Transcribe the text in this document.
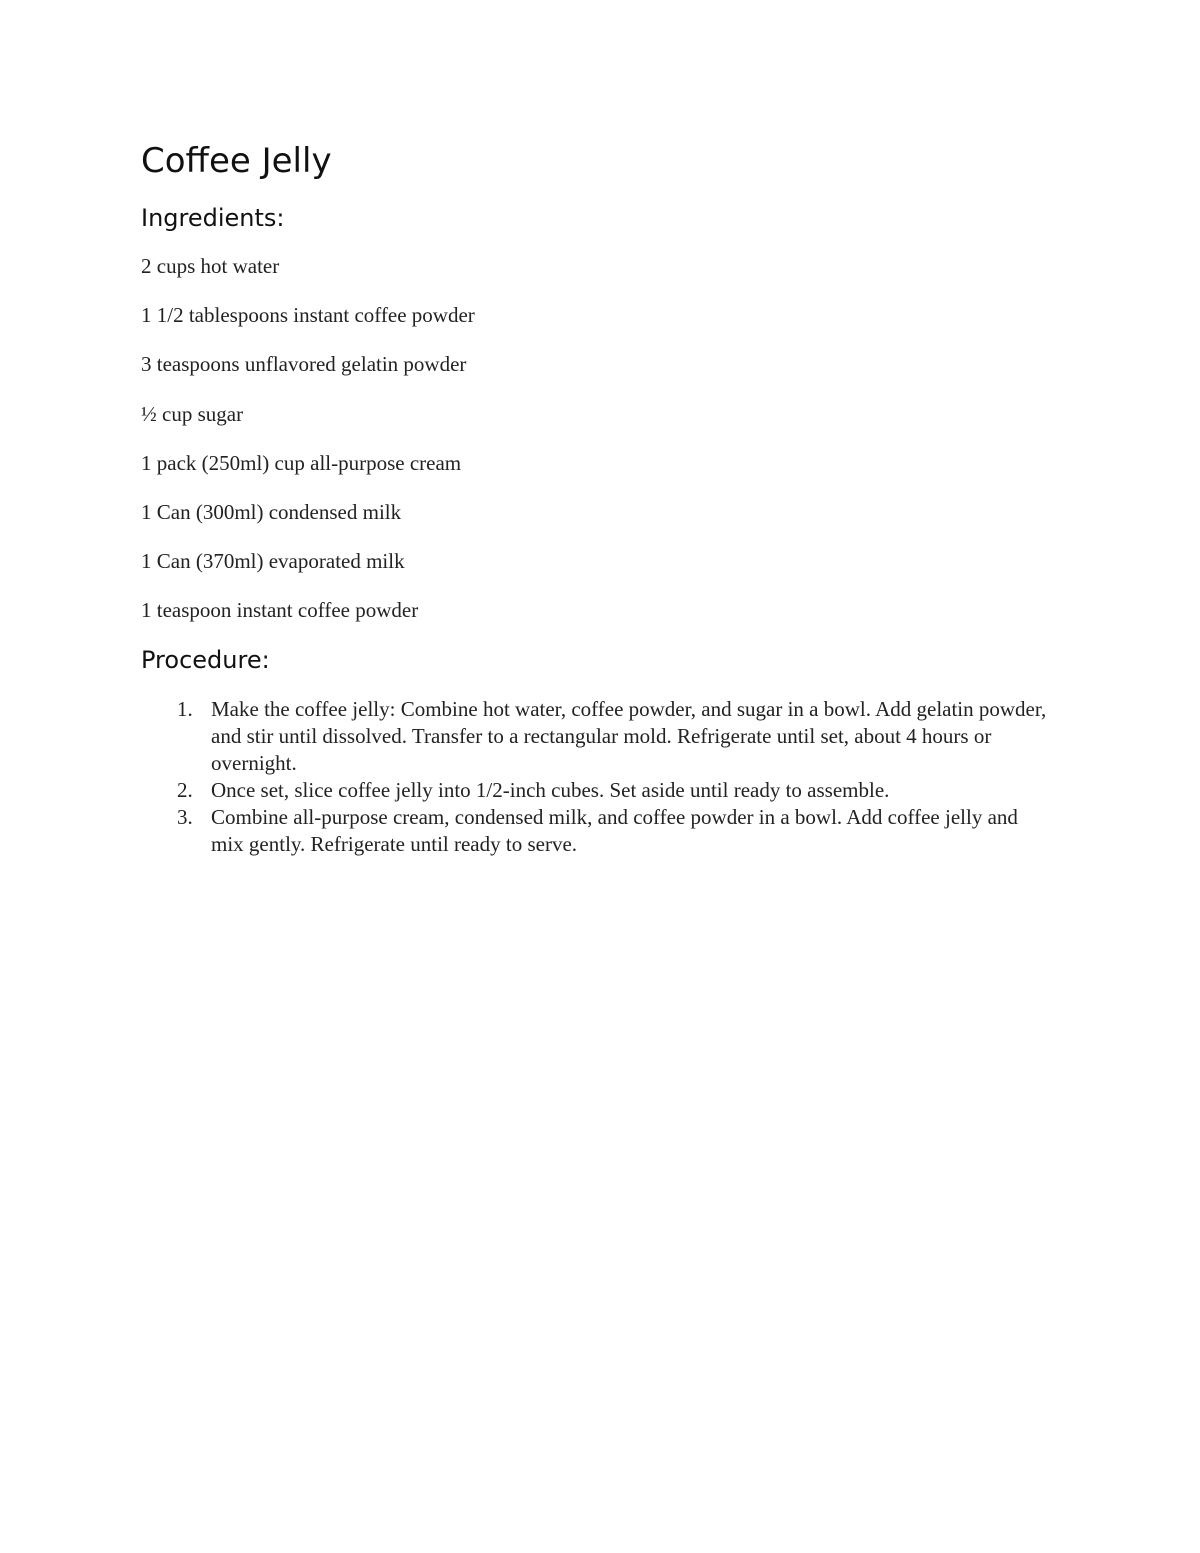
Coffee Jelly
Ingredients:
2 cups hot water
1 1/2 tablespoons instant coffee powder
3 teaspoons unflavored gelatin powder
½ cup sugar
1 pack (250ml) cup all-purpose cream
1 Can (300ml) condensed milk
1 Can (370ml) evaporated milk
1 teaspoon instant coffee powder
Procedure:
1. Make the coffee jelly: Combine hot water, coffee powder, and sugar in a bowl. Add gelatin powder, and stir until dissolved. Transfer to a rectangular mold. Refrigerate until set, about 4 hours or overnight.
2. Once set, slice coffee jelly into 1/2-inch cubes. Set aside until ready to assemble.
3. Combine all-purpose cream, condensed milk, and coffee powder in a bowl. Add coffee jelly and mix gently. Refrigerate until ready to serve.
